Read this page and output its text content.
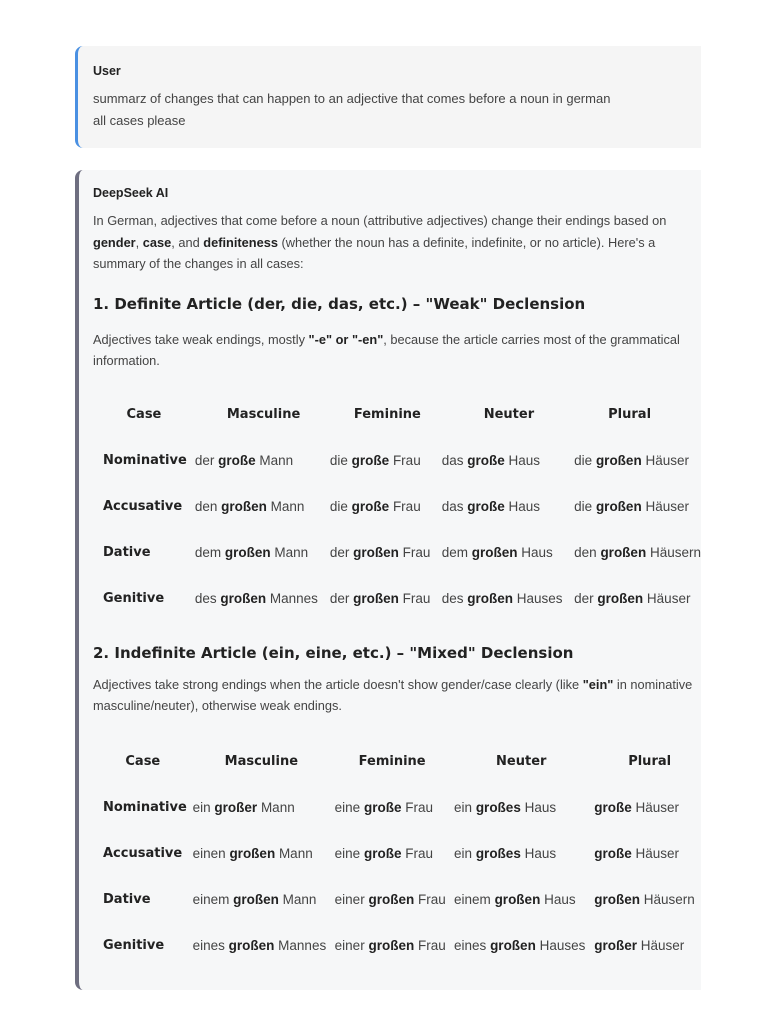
User
summarz of changes that can happen to an adjective that comes before a noun in german
all cases please
DeepSeek AI

In German, adjectives that come before a noun (attributive adjectives) change their endings based on gender, case, and definiteness (whether the noun has a definite, indefinite, or no article). Here's a summary of the changes in all cases:

1. Definite Article (der, die, das, etc.) – "Weak" Declension

Adjectives take weak endings, mostly "-e" or "-en", because the article carries most of the grammatical information.

Case	Masculine	Feminine	Neuter	Plural
Nominative	der große Mann	die große Frau	das große Haus	die großen Häuser
Accusative	den großen Mann	die große Frau	das große Haus	die großen Häuser
Dative	dem großen Mann	der großen Frau	dem großen Haus	den großen Häusern
Genitive	des großen Mannes	der großen Frau	des großen Hauses	der großen Häuser
2. Indefinite Article (ein, eine, etc.) – "Mixed" Declension

Adjectives take strong endings when the article doesn't show gender/case clearly (like "ein" in nominative masculine/neuter), otherwise weak endings.

Case	Masculine	Feminine	Neuter	Plural
Nominative	ein großer Mann	eine große Frau	ein großes Haus	große Häuser
Accusative	einen großen Mann	eine große Frau	ein großes Haus	große Häuser
Dative	einem großen Mann	einer großen Frau	einem großen Haus	großen Häusern
Genitive	eines großen Mannes	einer großen Frau	eines großen Hauses	großer Häuser
